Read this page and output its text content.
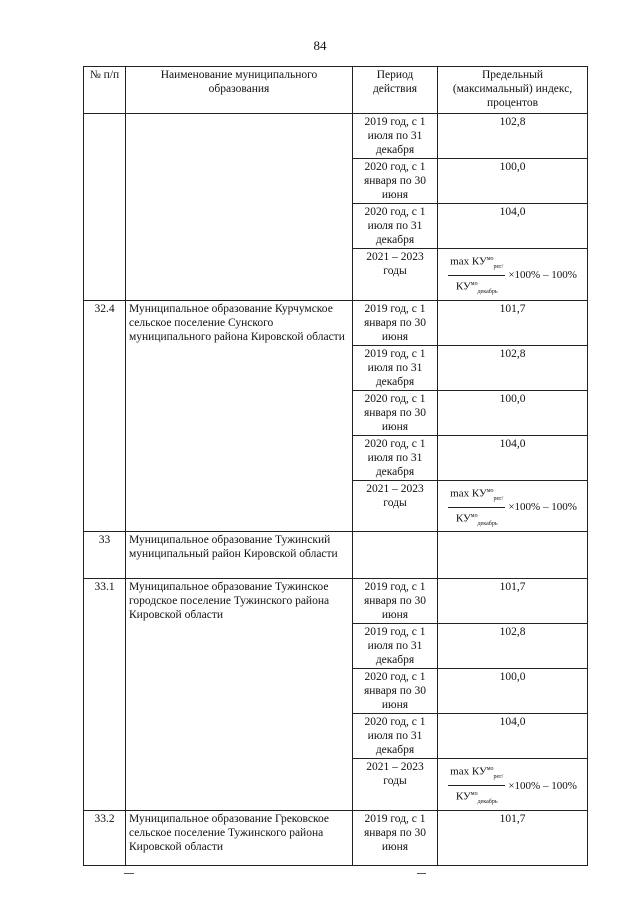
84
№ п/п	Наименование муниципального образования	Период действия	Предельный (максимальный) индекс, процентов
		2019 год, с 1 июля по 31 декабря	102,8
		2020 год, с 1 января по 30 июня	100,0
		2020 год, с 1 июля по 31 декабря	104,0
		2021 – 2023 годы	$\frac{\max КУ^{мо}_{рег/}}{КУ^{мо}_{декабрь}} \times 100\% - 100\%$

32.4	Муниципальное образование Курчумское сельское поселение Сунского муниципального района Кировской области	2019 год, с 1 января по 30 июня	101,7
		2019 год, с 1 июля по 31 декабря	102,8
		2020 год, с 1 января по 30 июня	100,0
		2020 год, с 1 июля по 31 декабря	104,0
		2021 – 2023 годы	$\frac{\max КУ^{мо}_{рег/}}{КУ^{мо}_{декабрь}} \times 100\% - 100\%$

33	Муниципальное образование Тужинский муниципальный район Кировской области		
33.1	Муниципальное образование Тужинское городское поселение Тужинского района Кировской области	2019 год, с 1 января по 30 июня	101,7
		2019 год, с 1 июля по 31 декабря	102,8
		2020 год, с 1 января по 30 июня	100,0
		2020 год, с 1 июля по 31 декабря	104,0
		2021 – 2023 годы	$\frac{\max КУ^{мо}_{рег/}}{КУ^{мо}_{декабрь}} \times 100\% - 100\%$

33.2	Муниципальное образование Грековское сельское поселение Тужинского района Кировской области	2019 год, с 1 января по 30 июня	101,7
